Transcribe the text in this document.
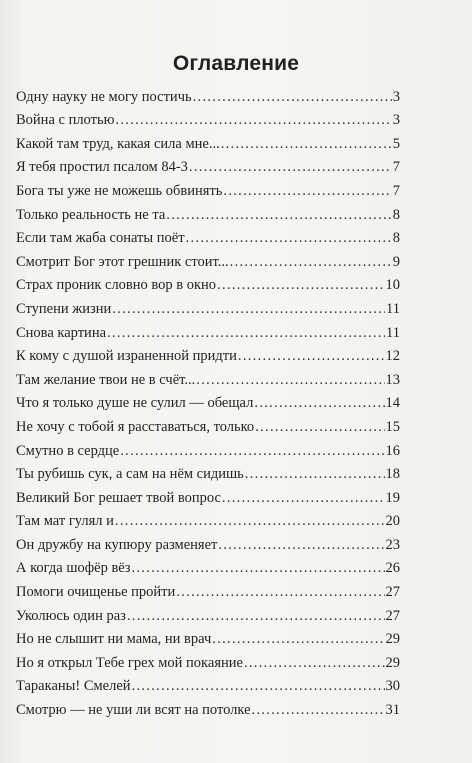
Оглавление
Одну науку не могу постичь .....	3
Война с плотью .....	3
Какой там труд, какая сила мне... .....	5
Я тебя простил псалом 84-3 .....	7
Бога ты уже не можешь обвинять .....	7
Только реальность не та .....	8
Если там жаба сонаты поёт .....	8
Смотрит Бог этот грешник стоит... .....	9
Страх проник словно вор в окно .....	10
Ступени жизни .....	11
Снова картина .....	11
К кому с душой израненной придти .....	12
Там желание твои не в счёт... .....	13
Что я только душе не сулил — обещал .....	14
Не хочу с тобой я расставаться, только .....	15
Смутно в сердце .....	16
Ты рубишь сук, а сам на нём сидишь .....	18
Великий Бог решает твой вопрос .....	19
Там мат гулял и .....	20
Он дружбу на купюру разменяет .....	23
А когда шофёр вёз .....	26
Помоги очищенье пройти .....	27
Уколюсь один раз .....	27
Но не слышит ни мама, ни врач .....	29
Но я открыл Тебе грех мой покаяние .....	29
Тараканы! Смелей .....	30
Смотрю — не уши ли всят на потолке .....	31
